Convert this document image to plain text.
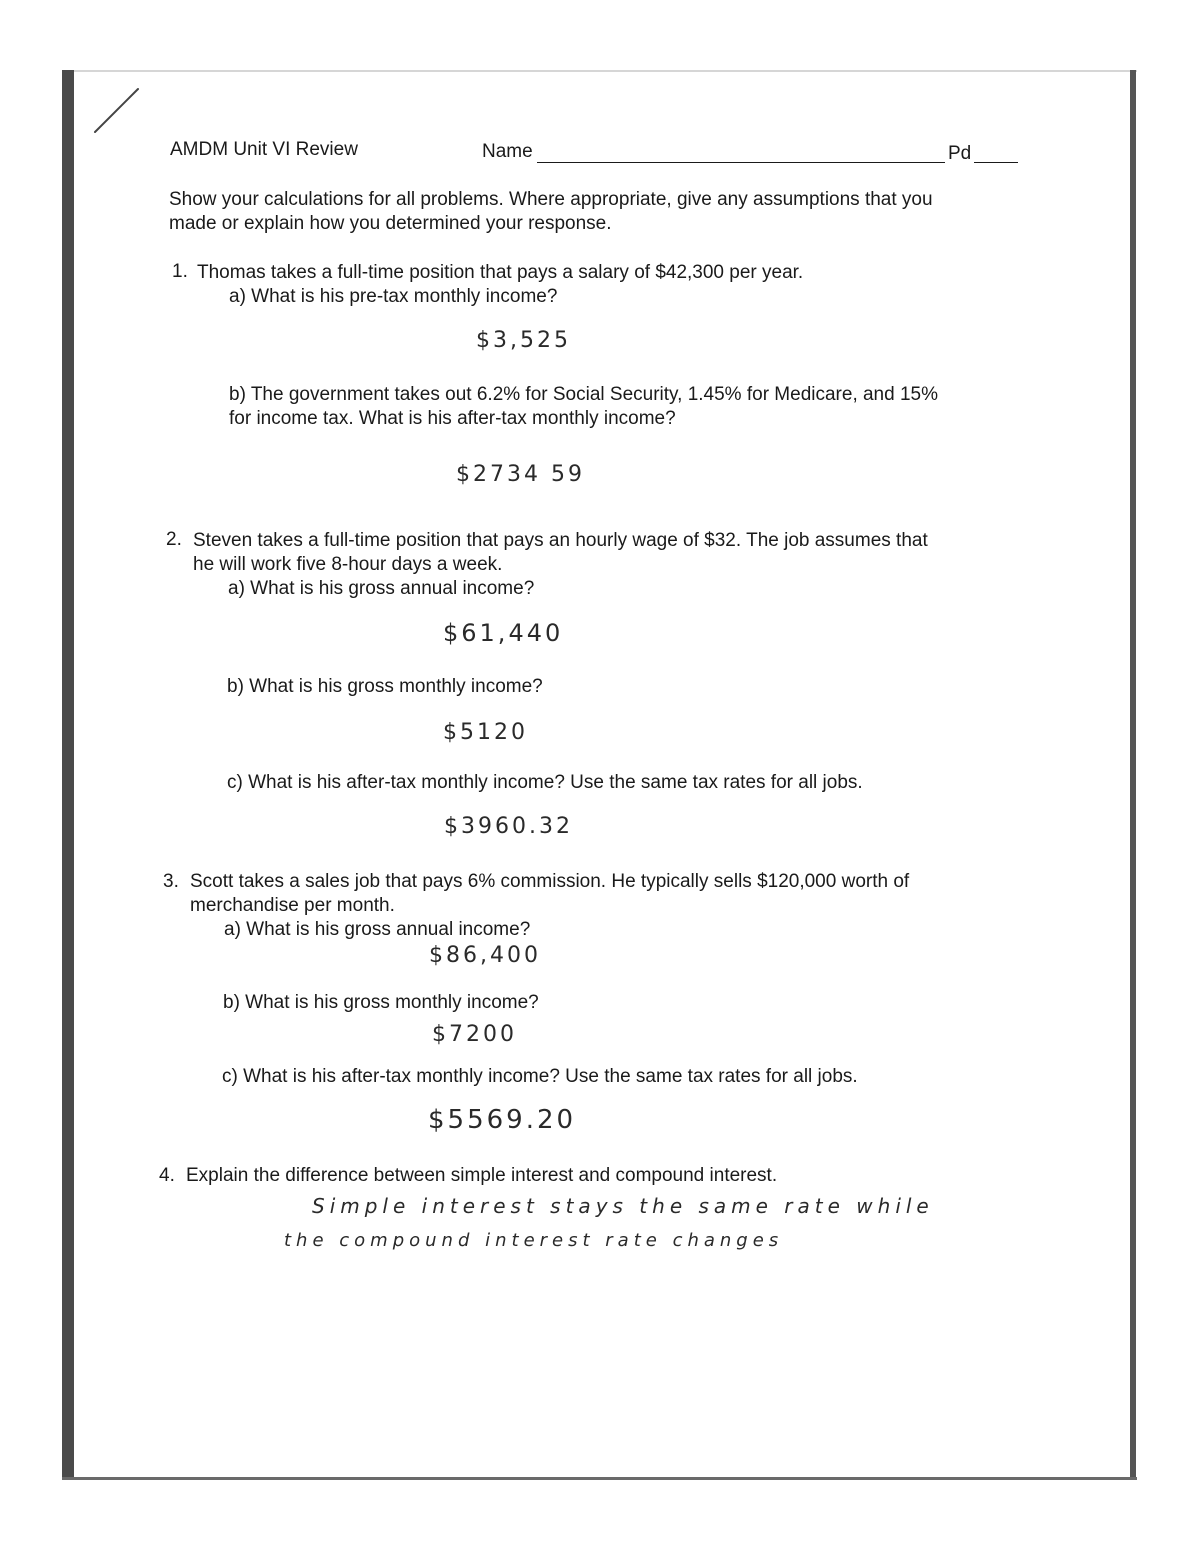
AMDM Unit VI Review	Name	Pd
Show your calculations for all problems. Where appropriate, give any assumptions that you
made or explain how you determined your response.
1. Thomas takes a full-time position that pays a salary of $42,300 per year.
a) What is his pre-tax monthly income?
$3,525
b) The government takes out 6.2% for Social Security, 1.45% for Medicare, and 15%
for income tax. What is his after-tax monthly income?
$2734 59
2. Steven takes a full-time position that pays an hourly wage of $32. The job assumes that
he will work five 8-hour days a week.
a) What is his gross annual income?
$61,440
b) What is his gross monthly income?
$5120
c) What is his after-tax monthly income? Use the same tax rates for all jobs.
$3960.32
3. Scott takes a sales job that pays 6% commission. He typically sells $120,000 worth of
merchandise per month.
a) What is his gross annual income?
$86,400
b) What is his gross monthly income?
$7200
c) What is his after-tax monthly income? Use the same tax rates for all jobs.
$5569.20
4. Explain the difference between simple interest and compound interest.
Simple interest stays the same rate while
the compound interest rate changes
